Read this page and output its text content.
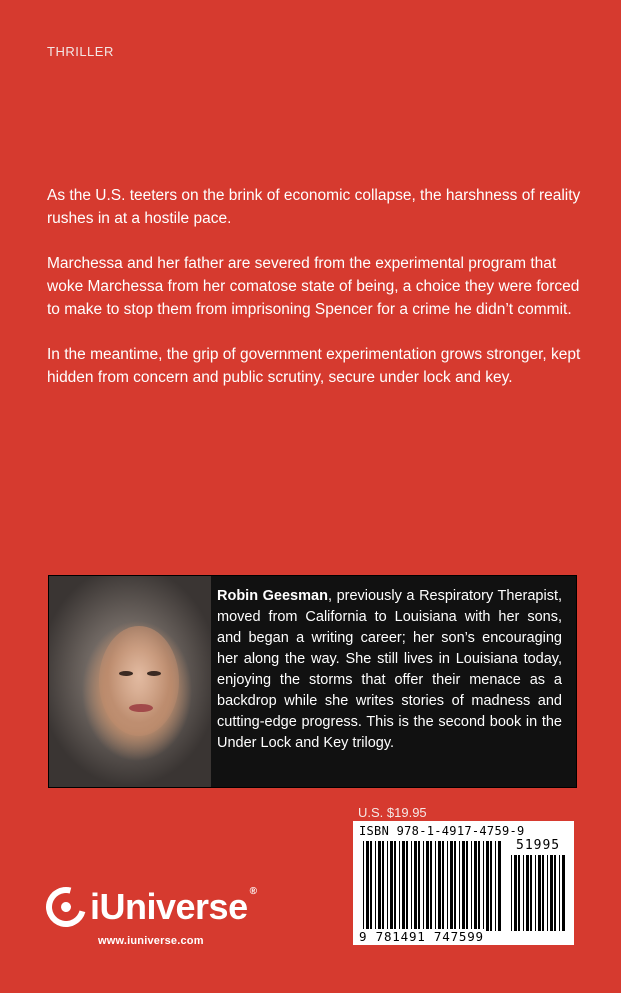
THRILLER

As the U.S. teeters on the brink of economic collapse, the harshness of reality rushes in at a hostile pace.

Marchessa and her father are severed from the experimental program that woke Marchessa from her comatose state of being, a choice they were forced to make to stop them from imprisoning Spencer for a crime he didn’t commit.

In the meantime, the grip of government experimentation grows stronger, kept hidden from concern and public scrutiny, secure under lock and key.

Robin Geesman, previously a Respiratory Therapist, moved from California to Louisiana with her sons, and began a writing career; her son’s encouraging her along the way. She still lives in Louisiana today, enjoying the storms that offer their menace as a backdrop while she writes stories of madness and cutting-edge progress. This is the second book in the Under Lock and Key trilogy.
U.S. $19.95
ISBN 978-1-4917-4759-9
51995
9 781491 747599
iUniverse ®
www.iuniverse.com
